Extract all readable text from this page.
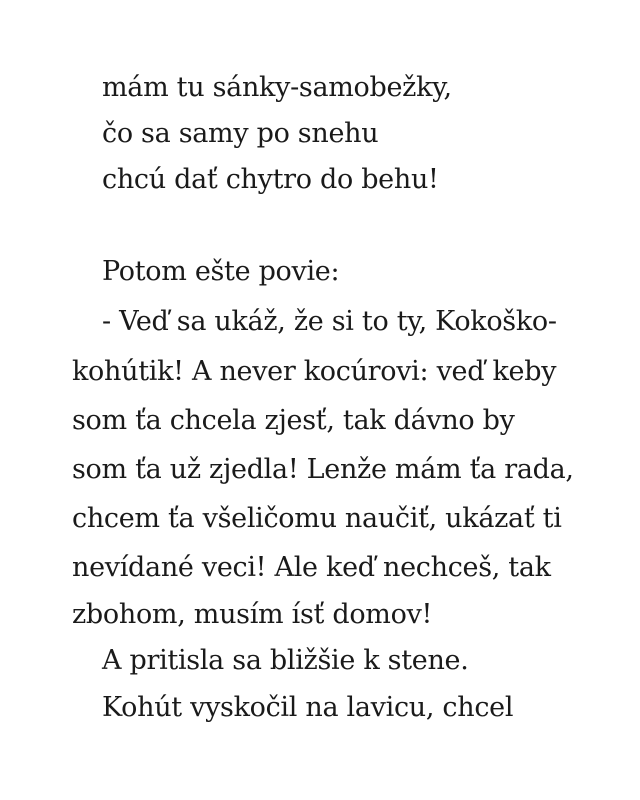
mám tu sánky-samobežky,

čo sa samy po snehu

chcú dať chytro do behu!

Potom ešte povie:

- Veď sa ukáž, že si to ty, Kokoško-

kohútik! A never kocúrovi: veď keby

som ťa chcela zjesť, tak dávno by

som ťa už zjedla! Lenže mám ťa rada,

chcem ťa všeličomu naučiť, ukázať ti

nevídané veci! Ale keď nechceš, tak

zbohom, musím ísť domov!

A pritisla sa bližšie k stene.

Kohút vyskočil na lavicu, chcel
